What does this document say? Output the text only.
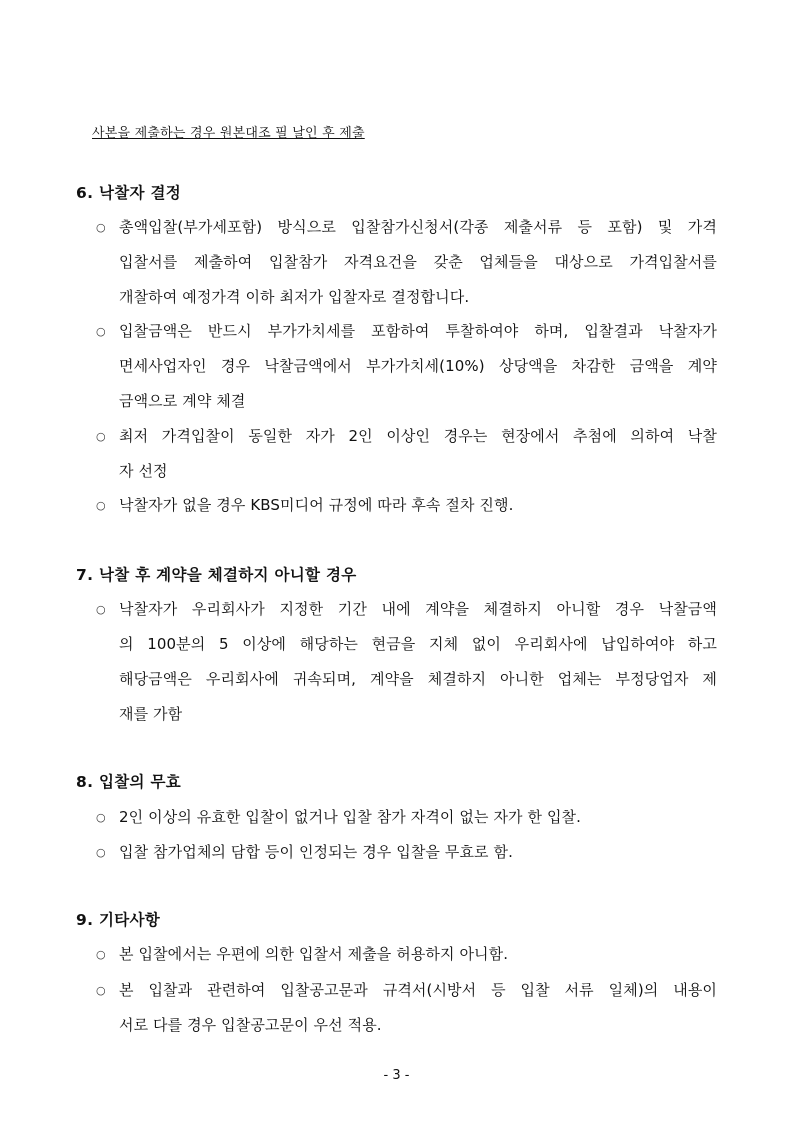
사본을 제출하는 경우 원본대조 필 날인 후 제출
6. 낙찰자 결정
○ 총액입찰(부가세포함) 방식으로 입찰참가신청서(각종 제출서류 등 포함) 및 가격
입찰서를 제출하여 입찰참가 자격요건을 갖춘 업체들을 대상으로 가격입찰서를
개찰하여 예정가격 이하 최저가 입찰자로 결정합니다.
○ 입찰금액은 반드시 부가가치세를 포함하여 투찰하여야 하며, 입찰결과 낙찰자가
면세사업자인 경우 낙찰금액에서 부가가치세(10%) 상당액을 차감한 금액을 계약
금액으로 계약 체결
○ 최저 가격입찰이 동일한 자가 2인 이상인 경우는 현장에서 추첨에 의하여 낙찰
자 선정
○ 낙찰자가 없을 경우 KBS미디어 규정에 따라 후속 절차 진행.
7. 낙찰 후 계약을 체결하지 아니할 경우
○ 낙찰자가 우리회사가 지정한 기간 내에 계약을 체결하지 아니할 경우 낙찰금액
의 100분의 5 이상에 해당하는 현금을 지체 없이 우리회사에 납입하여야 하고
해당금액은 우리회사에 귀속되며, 계약을 체결하지 아니한 업체는 부정당업자 제
재를 가함
8. 입찰의 무효
○ 2인 이상의 유효한 입찰이 없거나 입찰 참가 자격이 없는 자가 한 입찰.
○ 입찰 참가업체의 담합 등이 인정되는 경우 입찰을 무효로 함.
9. 기타사항
○ 본 입찰에서는 우편에 의한 입찰서 제출을 허용하지 아니함.
○ 본 입찰과 관련하여 입찰공고문과 규격서(시방서 등 입찰 서류 일체)의 내용이
서로 다를 경우 입찰공고문이 우선 적용.
- 3 -
